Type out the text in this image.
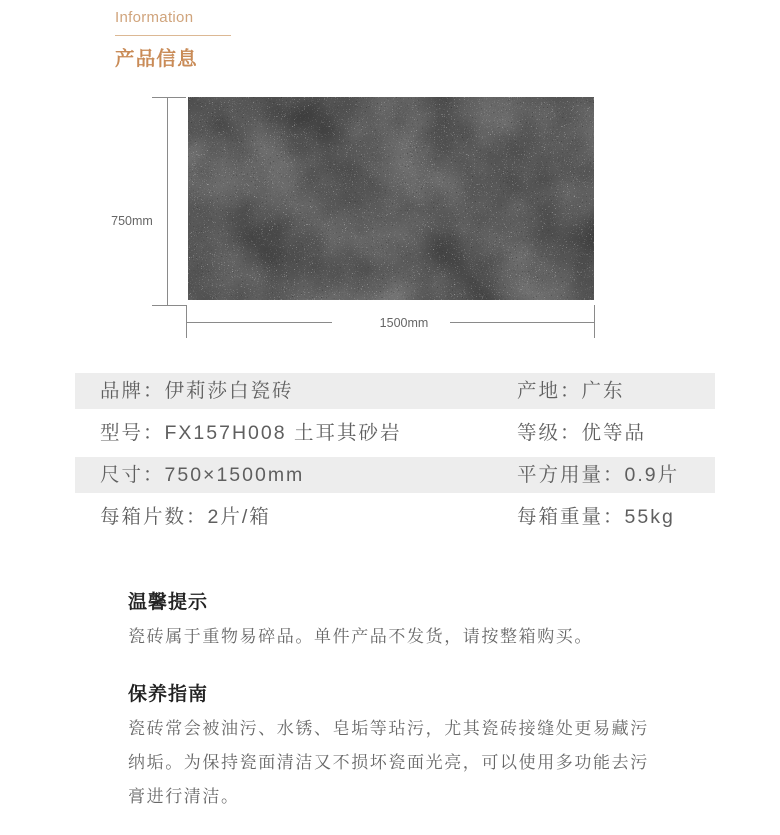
Information
产品信息
750mm
1500mm
品牌：伊莉莎白瓷砖	产地：广东
型号：FX157H008 土耳其砂岩	等级：优等品
尺寸：750×1500mm	平方用量：0.9片
每箱片数：2片/箱	每箱重量：55kg
温馨提示
瓷砖属于重物易碎品。单件产品不发货，请按整箱购买。
保养指南
瓷砖常会被油污、水锈、皂垢等玷污，尤其瓷砖接缝处更易藏污纳垢。为保持瓷面清洁又不损坏瓷面光亮，可以使用多功能去污膏进行清洁。
